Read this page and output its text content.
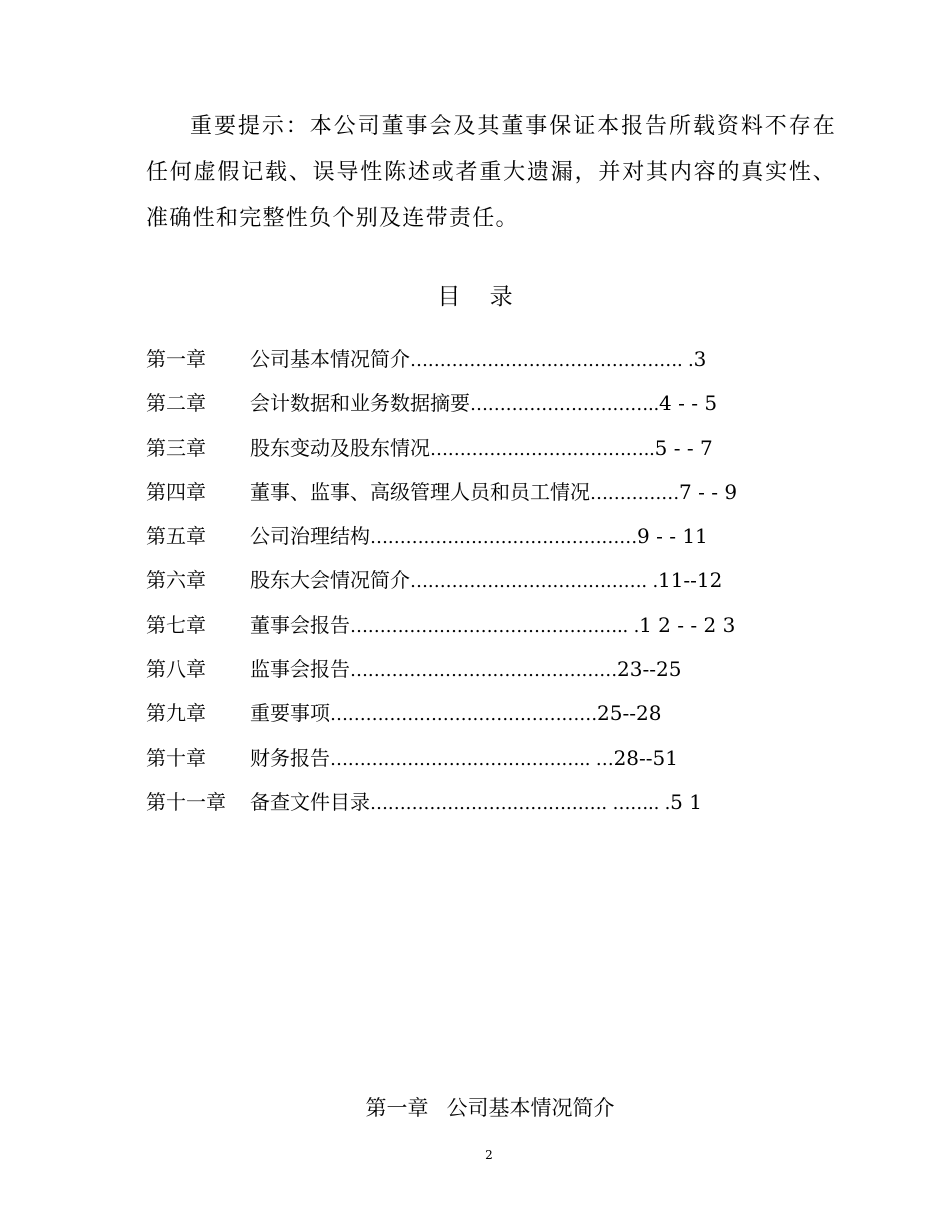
重要提示：本公司董事会及其董事保证本报告所载资料不存在任何虚假记载、误导性陈述或者重大遗漏，并对其内容的真实性、准确性和完整性负个别及连带责任。

目    录
第一章 公司基本情况简介………………………………………. .3
第二章 会计数据和业务数据摘要…………………………..4 - - 5
第三章 股东变动及股东情况………………………………..5 - - 7
第四章 董事、监事、高级管理人员和员工情况……………7 - - 9
第五章 公司治理结构………………………………………9 - - 11
第六章 股东大会情况简介…………………………………. .11--12
第七章 董事会报告……………………………………….. .1 2 - - 2 3
第八章 监事会报告………………………………………23--25
第九章 重要事项………………………………………25--28
第十章 财务报告…………………………………….. …28--51
第十一章 备查文件目录…………………………………. …….. .5 1
第一章 公司基本情况简介
2
